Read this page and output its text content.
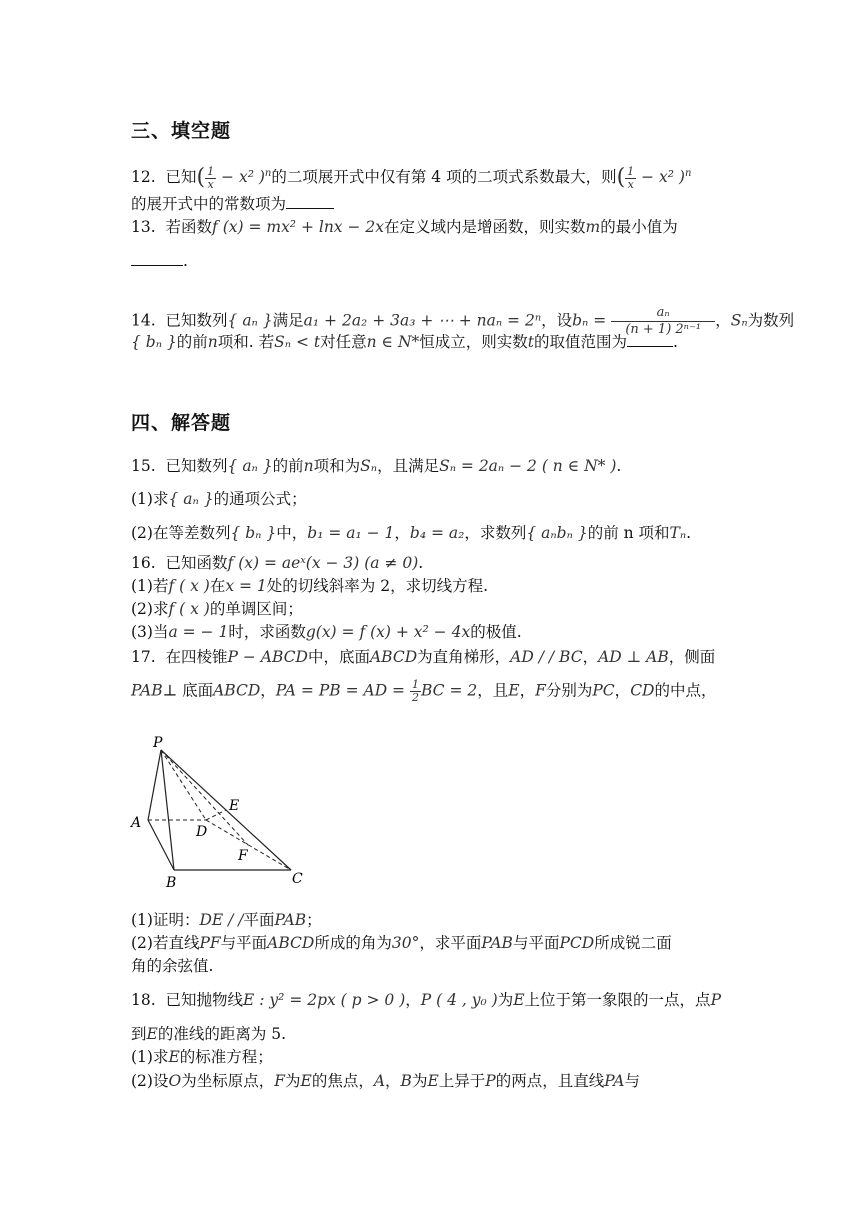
三、填空题
12. 已知( $\frac{1}{x} - x^2$ )$^n$的二项展开式中仅有第 4 项的二项式系数最大，则( $\frac{1}{x} - x^2$ )$^n$
的展开式中的常数项为
13. 若函数f (x) = mx² + lnx − 2x在定义域内是增函数，则实数m的最小值为
.
14. 已知数列{ aₙ }满足a₁ + 2a₂ + 3a₃ + ⋯ + naₙ = 2ⁿ，设$b_n = \frac{\text{aₙ}}{\text{(n + 1) 2ⁿ⁻¹}}$ ，Sₙ为数列
{ bₙ }的前n项和. 若Sₙ < t对任意n ∈ N*恒成立，则实数t的取值范围为	.
四、解答题
15. 已知数列{ aₙ }的前n项和为Sₙ，且满足Sₙ = 2aₙ − 2 ( n ∈ N* ).
(1)求{ aₙ }的通项公式；
(2)在等差数列{ bₙ }中，b₁ = a₁ − 1，b₄ = a₂，求数列{ aₙbₙ }的前 n 项和Tₙ.
16. 已知函数f (x) = aeˣ(x − 3) (a ≠ 0).
(1)若f ( x )在x = 1处的切线斜率为 2，求切线方程.
(2)求f ( x )的单调区间；
(3)当a = − 1时，求函数g(x) = f (x) + x² − 4x的极值.
17. 在四棱锥P − ABCD中，底面ABCD为直角梯形，AD / / BC，AD ⊥ AB，侧面
PAB⊥ 底面ABCD，PA = PB = AD = $\frac{1}{2}$ BC = 2，且E，F分别为PC，CD的中点，
P
A
D
E
F
B	C
(1)证明：DE / /平面PAB；
(2)若直线PF与平面ABCD所成的角为30°，求平面PAB与平面PCD所成锐二面
角的余弦值.
18. 已知抛物线E : y² = 2px ( p > 0 )，P ( 4 , y₀ )为E上位于第一象限的一点，点P
到E的准线的距离为 5.
(1)求E的标准方程；
(2)设O为坐标原点，F为E的焦点，A，B为E上异于P的两点，且直线PA与
